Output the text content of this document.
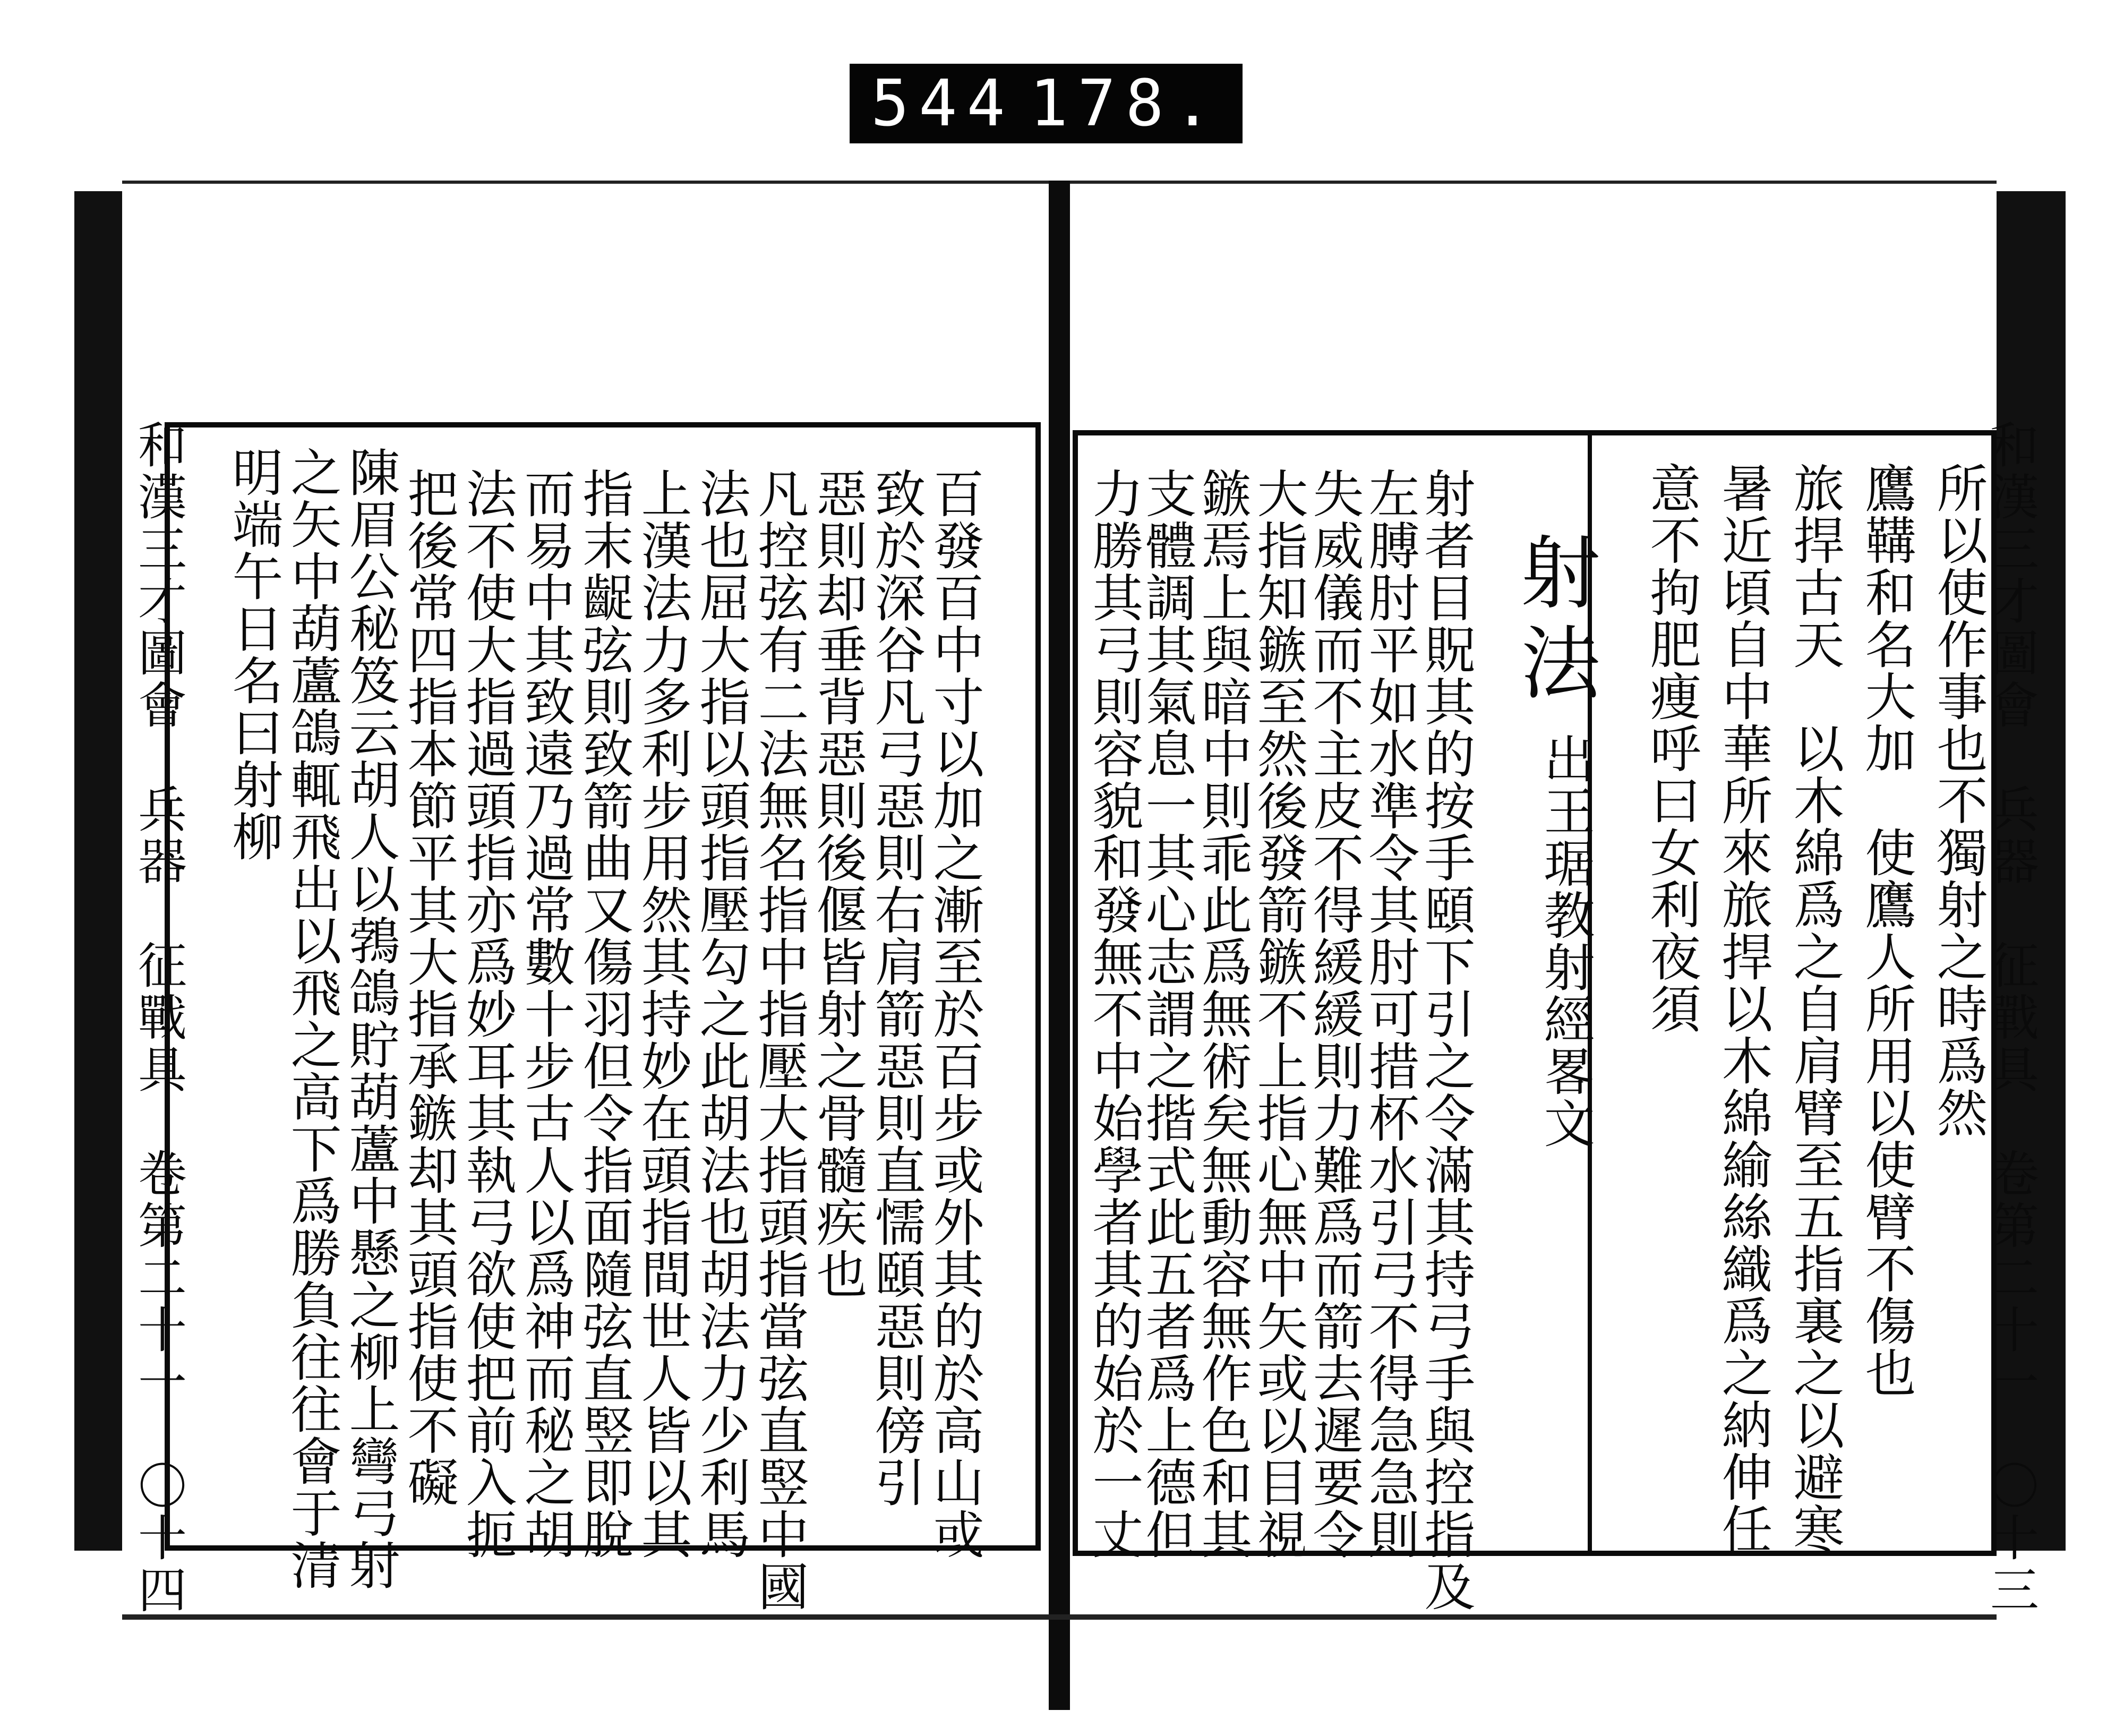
544 178.
和漢三才圖會　兵器　征戰具　卷第二十一　〇十四	和漢三才圖會　兵器　征戰具　卷第二十一　〇十三
所以使作事也不獨射之時爲然
鷹鞲和名大加　使鷹人所用以使臂不傷也
旅捍古天　以木綿爲之自肩臂至五指裏之以避寒
暑近頃自中華所來旅捍以木綿緰絲織爲之納伸任
意不拘肥痩呼曰女利夜須
射法
出王琚教射經畧文
射者目貺其的按手頤下引之令滿其持弓手與控指及
左膊肘平如水準令其肘可措杯水引弓不得急急則
失威儀而不主皮不得緩緩則力難爲而箭去遲要令
大指知鏃至然後發箭鏃不上指心無中矢或以目視
鏃焉上與暗中則乖此爲無術矣無動容無作色和其
支體調其氣息一其心志謂之揩式此五者爲上德但
力勝其弓則容貌和發無不中始學者其的始於一丈
百發百中寸以加之漸至於百步或外其的於高山或
致於深谷凡弓惡則右肩箭惡則直懦頤惡則傍引
惡則却垂背惡則後偃皆射之骨髓疾也
凡控弦有二法無名指中指壓大指頭指當弦直竪中國
法也屈大指以頭指壓勾之此胡法也胡法力少利馬
上漢法力多利步用然其持妙在頭指間世人皆以其
指末齪弦則致箭曲又傷羽但令指面隨弦直竪即脫
而易中其致遠乃過常數十步古人以爲神而秘之胡
法不使大指過頭指亦爲妙耳其執弓欲使把前入扼
把後常四指本節平其大指承鏃却其頭指使不礙
陳眉公秘笈云胡人以鵓鴿貯葫蘆中懸之柳上彎弓射
之矢中葫蘆鴿輒飛出以飛之高下爲勝負往往會于清
明端午日名曰射柳
